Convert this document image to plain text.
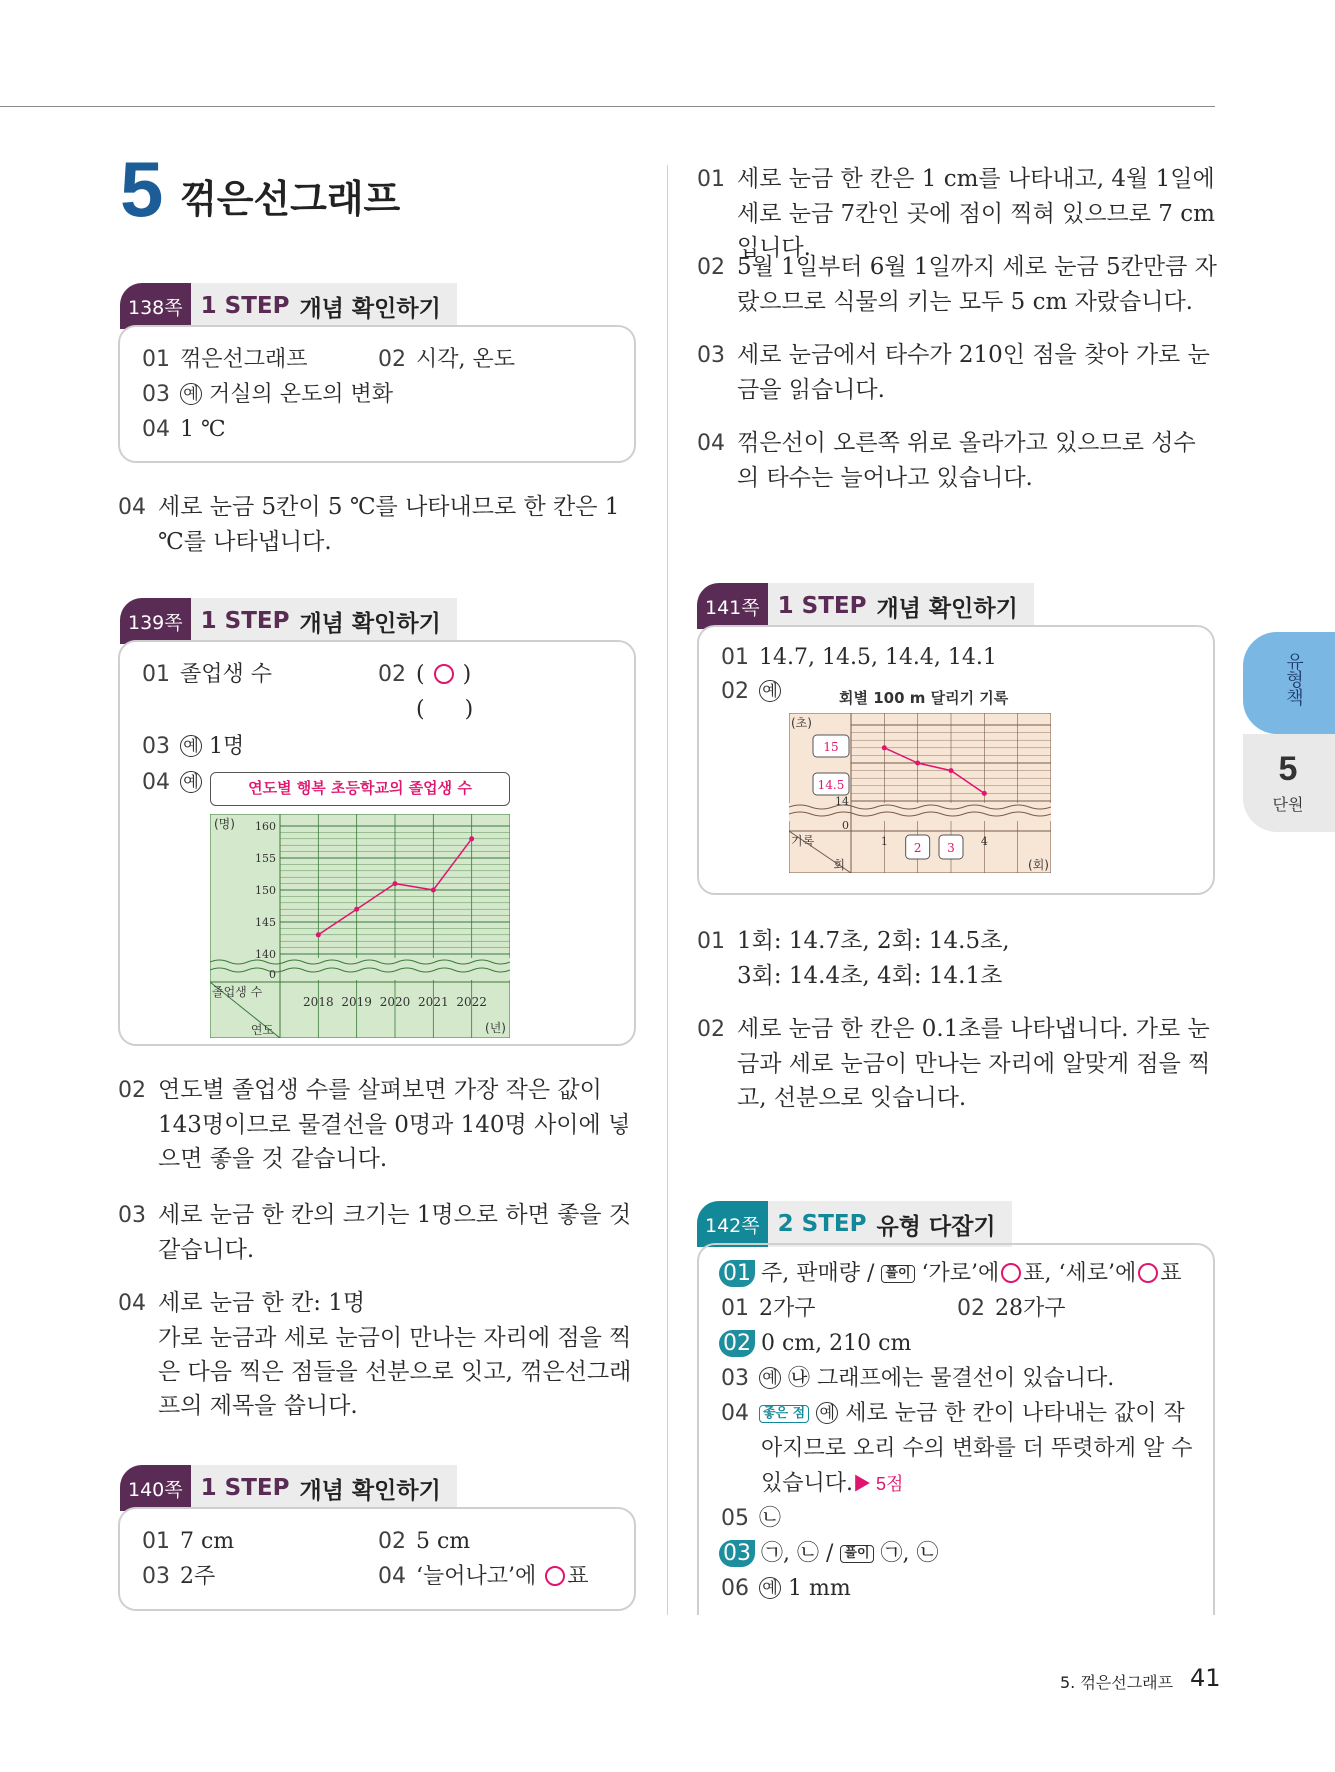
5 꺾은선그래프
138쪽 1 STEP 개념 확인하기
01 꺾은선그래프	02 시각, 온도
03 예 거실의 온도의 변화
04 1 ℃
04 세로 눈금 5칸이 5 ℃를 나타내므로 한 칸은 1 ℃를 나타냅니다.
139쪽 1 STEP 개념 확인하기
01 졸업생 수	02 ( ○ )
( )
03 예 1명
04 예	연도별 행복 초등학교의 졸업생 수
160
155
150
145
140
0
(명)
(년)
졸업생 수
연도
2018 2019 2020 2021 2022
02 연도별 졸업생 수를 살펴보면 가장 작은 값이 143명이므로 물결선을 0명과 140명 사이에 넣으면 좋을 것 같습니다.
03 세로 눈금 한 칸의 크기는 1명으로 하면 좋을 것 같습니다.
04 세로 눈금 한 칸: 1명
가로 눈금과 세로 눈금이 만나는 자리에 점을 찍은 다음 찍은 점들을 선분으로 잇고, 꺾은선그래프의 제목을 씁니다.
140쪽 1 STEP 개념 확인하기
01 7 cm	02 5 cm
03 2주	04 ‘늘어나고’에 ○ 표
01 세로 눈금 한 칸은 1 cm를 나타내고, 4월 1일에 세로 눈금 7칸인 곳에 점이 찍혀 있으므로 7 cm입니다.
02 5월 1일부터 6월 1일까지 세로 눈금 5칸만큼 자랐으므로 식물의 키는 모두 5 cm 자랐습니다.
03 세로 눈금에서 타수가 210인 점을 찾아 가로 눈금을 읽습니다.
04 꺾은선이 오른쪽 위로 올라가고 있으므로 성수의 타수는 늘어나고 있습니다.
141쪽 1 STEP 개념 확인하기
01 14.7, 14.5, 14.4, 14.1
02 예	회별 100 m 달리기 기록
(초)
15
14.5
14
0
기록
회	(회)
1 2 3 4
01 1회: 14.7초, 2회: 14.5초,
3회: 14.4초, 4회: 14.1초
02 세로 눈금 한 칸은 0.1초를 나타냅니다. 가로 눈금과 세로 눈금이 만나는 자리에 알맞게 점을 찍고, 선분으로 잇습니다.
142쪽 2 STEP 유형 다잡기
01 주, 판매량 / 풀이 ‘가로’에 표, ‘세로’에 표
01 2가구	02 28가구
02 0 cm, 210 cm
03 예 ㉯ 그래프에는 물결선이 있습니다.
04 좋은 점 예 세로 눈금 한 칸이 나타내는 값이 작
아지므로 오리 수의 변화를 더 뚜렷하게 알 수
있습니다.▶ 5점
05 ㉡
03 ㉠, ㉡ / 풀이 ㉠, ㉡
06 예 1 mm
유형책
5
단원
5. 꺾은선그래프 41
